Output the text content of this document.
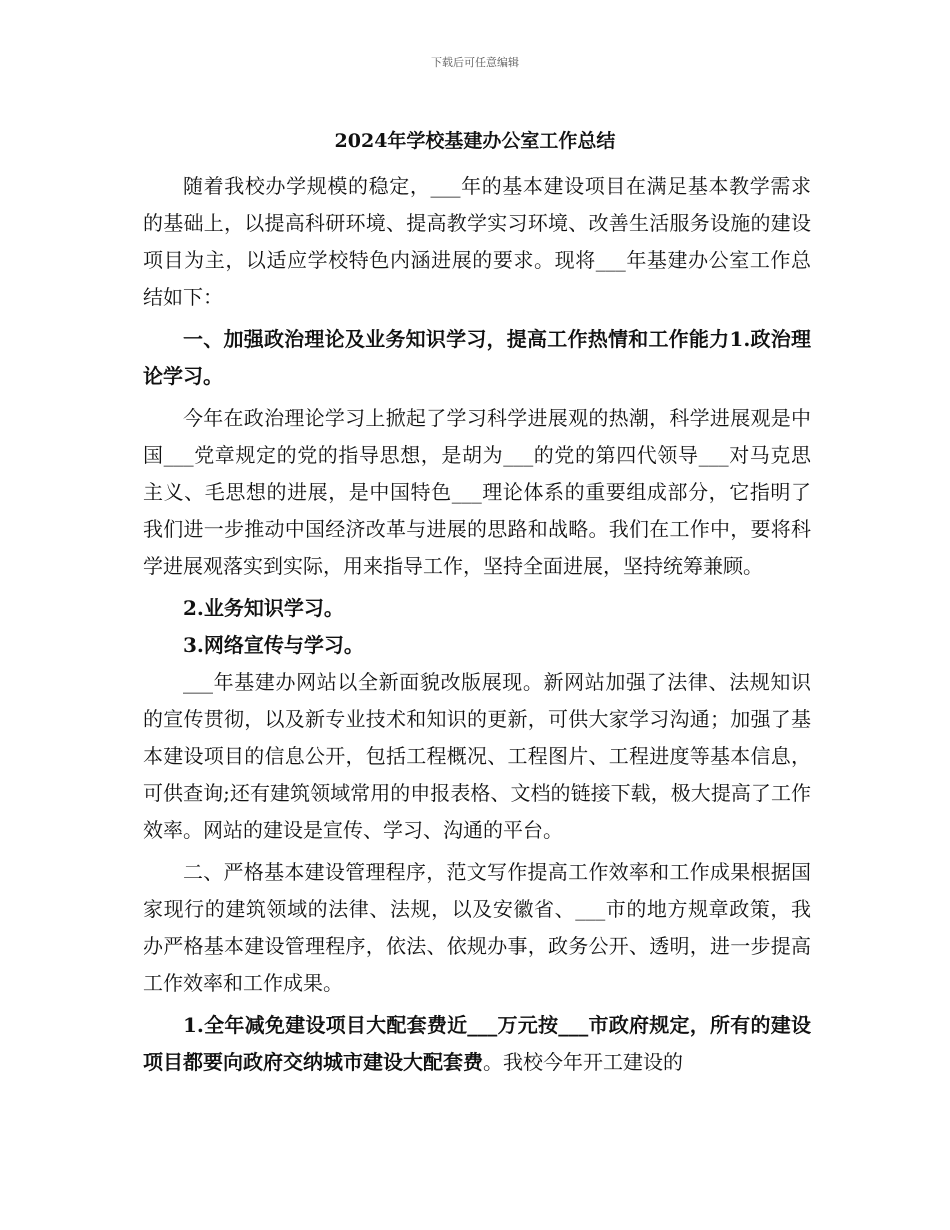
下载后可任意编辑
2024年学校基建办公室工作总结

随着我校办学规模的稳定，___年的基本建设项目在满足基本教学需求的基础上，以提高科研环境、提高教学实习环境、改善生活服务设施的建设项目为主，以适应学校特色内涵进展的要求。现将___年基建办公室工作总结如下：

一、加强政治理论及业务知识学习，提高工作热情和工作能力1.政治理论学习。

今年在政治理论学习上掀起了学习科学进展观的热潮，科学进展观是中国___党章规定的党的指导思想，是胡为___的党的第四代领导___对马克思主义、毛思想的进展，是中国特色___理论体系的重要组成部分，它指明了我们进一步推动中国经济改革与进展的思路和战略。我们在工作中，要将科学进展观落实到实际，用来指导工作，坚持全面进展，坚持统筹兼顾。

2.业务知识学习。

3.网络宣传与学习。

___年基建办网站以全新面貌改版展现。新网站加强了法律、法规知识的宣传贯彻，以及新专业技术和知识的更新，可供大家学习沟通；加强了基本建设项目的信息公开，包括工程概况、工程图片、工程进度等基本信息，可供查询;还有建筑领域常用的申报表格、文档的链接下载，极大提高了工作效率。网站的建设是宣传、学习、沟通的平台。

二、严格基本建设管理程序，范文写作提高工作效率和工作成果根据国家现行的建筑领域的法律、法规，以及安徽省、___市的地方规章政策，我办严格基本建设管理程序，依法、依规办事，政务公开、透明，进一步提高工作效率和工作成果。

1.全年减免建设项目大配套费近___万元按___市政府规定，所有的建设项目都要向政府交纳城市建设大配套费。我校今年开工建设的
